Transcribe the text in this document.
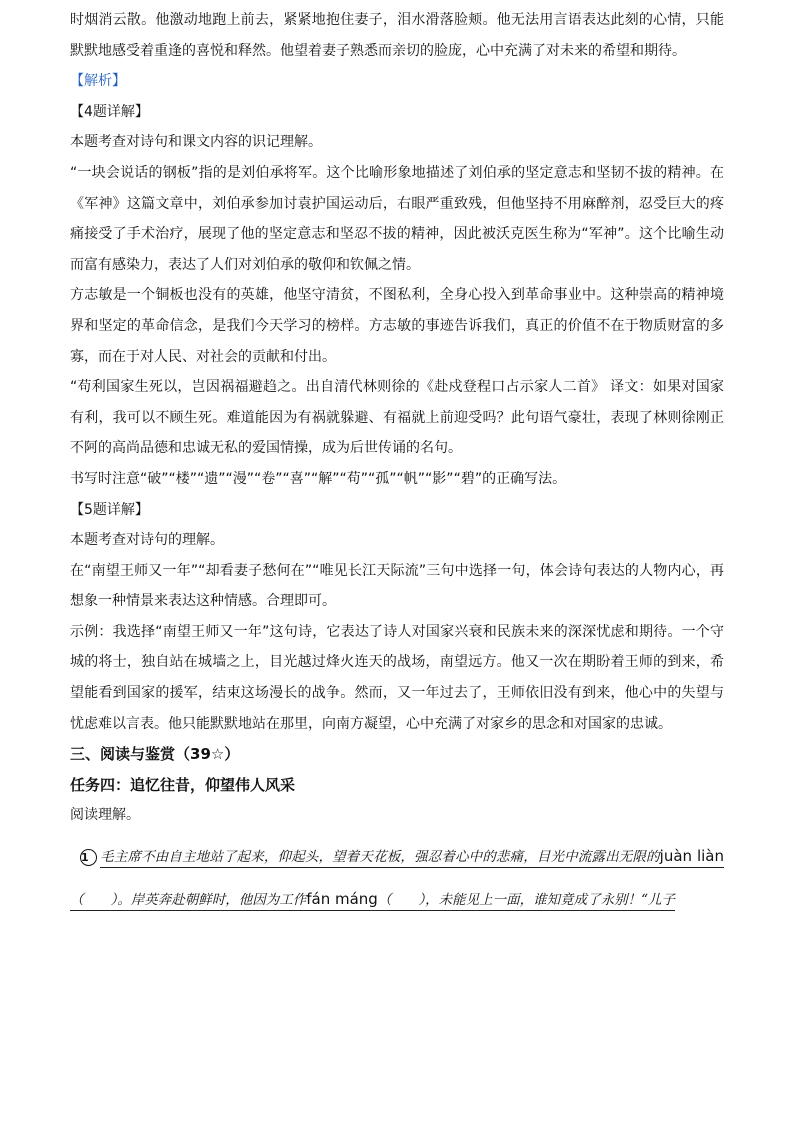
时烟消云散。他激动地跑上前去，紧紧地抱住妻子，泪水滑落脸颊。他无法用言语表达此刻的心情，只能默默地感受着重逢的喜悦和释然。他望着妻子熟悉而亲切的脸庞，心中充满了对未来的希望和期待。

【解析】

【4题详解】

本题考查对诗句和课文内容的识记理解。

“一块会说话的钢板”指的是刘伯承将军。这个比喻形象地描述了刘伯承的坚定意志和坚韧不拔的精神。在《军神》这篇文章中，刘伯承参加讨袁护国运动后，右眼严重致残，但他坚持不用麻醉剂，忍受巨大的疼痛接受了手术治疗，展现了他的坚定意志和坚忍不拔的精神，因此被沃克医生称为“军神”。这个比喻生动而富有感染力，表达了人们对刘伯承的敬仰和钦佩之情。

方志敏是一个铜板也没有的英雄，他坚守清贫，不图私利，全身心投入到革命事业中。这种崇高的精神境界和坚定的革命信念，是我们今天学习的榜样。方志敏的事迹告诉我们，真正的价值不在于物质财富的多寡，而在于对人民、对社会的贡献和付出。

“苟利国家生死以，岂因祸福避趋之。出自清代林则徐的《赴戍登程口占示家人二首》 译文：如果对国家有利，我可以不顾生死。难道能因为有祸就躲避、有福就上前迎受吗？此句语气豪壮，表现了林则徐刚正不阿的高尚品德和忠诚无私的爱国情操，成为后世传诵的名句。

书写时注意“破”“楼”“遗”“漫”“卷”“喜”“解”“苟”“孤”“帆”“影”“碧”的正确写法。

【5题详解】

本题考查对诗句的理解。

在“南望王师又一年”“却看妻子愁何在”“唯见长江天际流”三句中选择一句，体会诗句表达的人物内心，再想象一种情景来表达这种情感。合理即可。

示例：我选择“南望王师又一年”这句诗，它表达了诗人对国家兴衰和民族未来的深深忧虑和期待。一个守城的将士，独自站在城墙之上，目光越过烽火连天的战场，南望远方。他又一次在期盼着王师的到来，希望能看到国家的援军，结束这场漫长的战争。然而，又一年过去了，王师依旧没有到来，他心中的失望与忧虑难以言表。他只能默默地站在那里，向南方凝望，心中充满了对家乡的思念和对国家的忠诚。

三、阅读与鉴赏（39☆）

任务四：追忆往昔，仰望伟人风采

阅读理解。

1 毛主席不由自主地站了起来，仰起头，望着天花板，强忍着心中的悲痛，目光中流露出无限的juàn liàn（　　）。岸英奔赴朝鲜时，他因为工作fán máng（　　），未能见上一面，谁知竟成了永别！“儿子
